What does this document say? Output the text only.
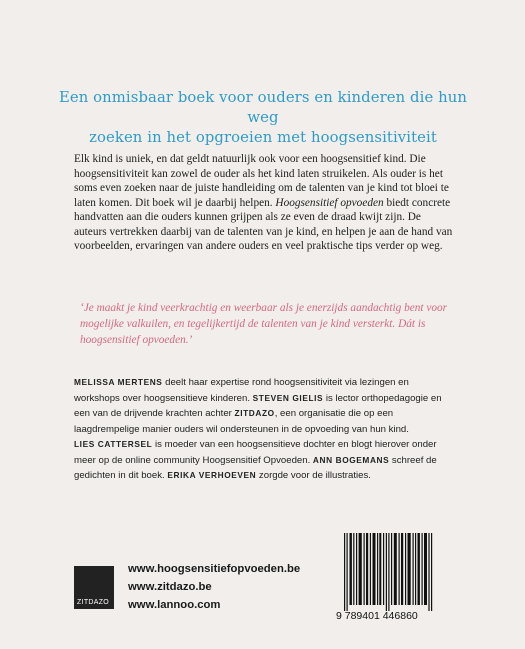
Een onmisbaar boek voor ouders en kinderen die hun weg
zoeken in het opgroeien met hoogsensitiviteit
Elk kind is uniek, en dat geldt natuurlijk ook voor een hoogsensitief kind. Die hoogsensitiviteit kan zowel de ouder als het kind laten struikelen. Als ouder is het soms even zoeken naar de juiste handleiding om de talenten van je kind tot bloei te laten komen. Dit boek wil je daarbij helpen. Hoogsensitief opvoeden biedt concrete handvatten aan die ouders kunnen grijpen als ze even de draad kwijt zijn. De auteurs vertrekken daarbij van de talenten van je kind, en helpen je aan de hand van voorbeelden, ervaringen van andere ouders en veel praktische tips verder op weg.
‘Je maakt je kind veerkrachtig en weerbaar als je enerzijds aandachtig bent voor mogelijke valkuilen, en tegelijkertijd de talenten van je kind versterkt. Dát is hoogsensitief opvoeden.’
MELISSA MERTENS deelt haar expertise rond hoogsensitiviteit via lezingen en workshops over hoogsensitieve kinderen. STEVEN GIELIS is lector orthopedagogie en een van de drijvende krachten achter ZITDAZO, een organisatie die op een laagdrempelige manier ouders wil ondersteunen in de opvoeding van hun kind.
LIES CATTERSEL is moeder van een hoogsensitieve dochter en blogt hierover onder meer op de online community Hoogsensitief Opvoeden. ANN BOGEMANS schreef de gedichten in dit boek. ERIKA VERHOEVEN zorgde voor de illustraties.
ZITDAZO
www.hoogsensitiefopvoeden.be
www.zitdazo.be
www.lannoo.com
9 789401 446860
